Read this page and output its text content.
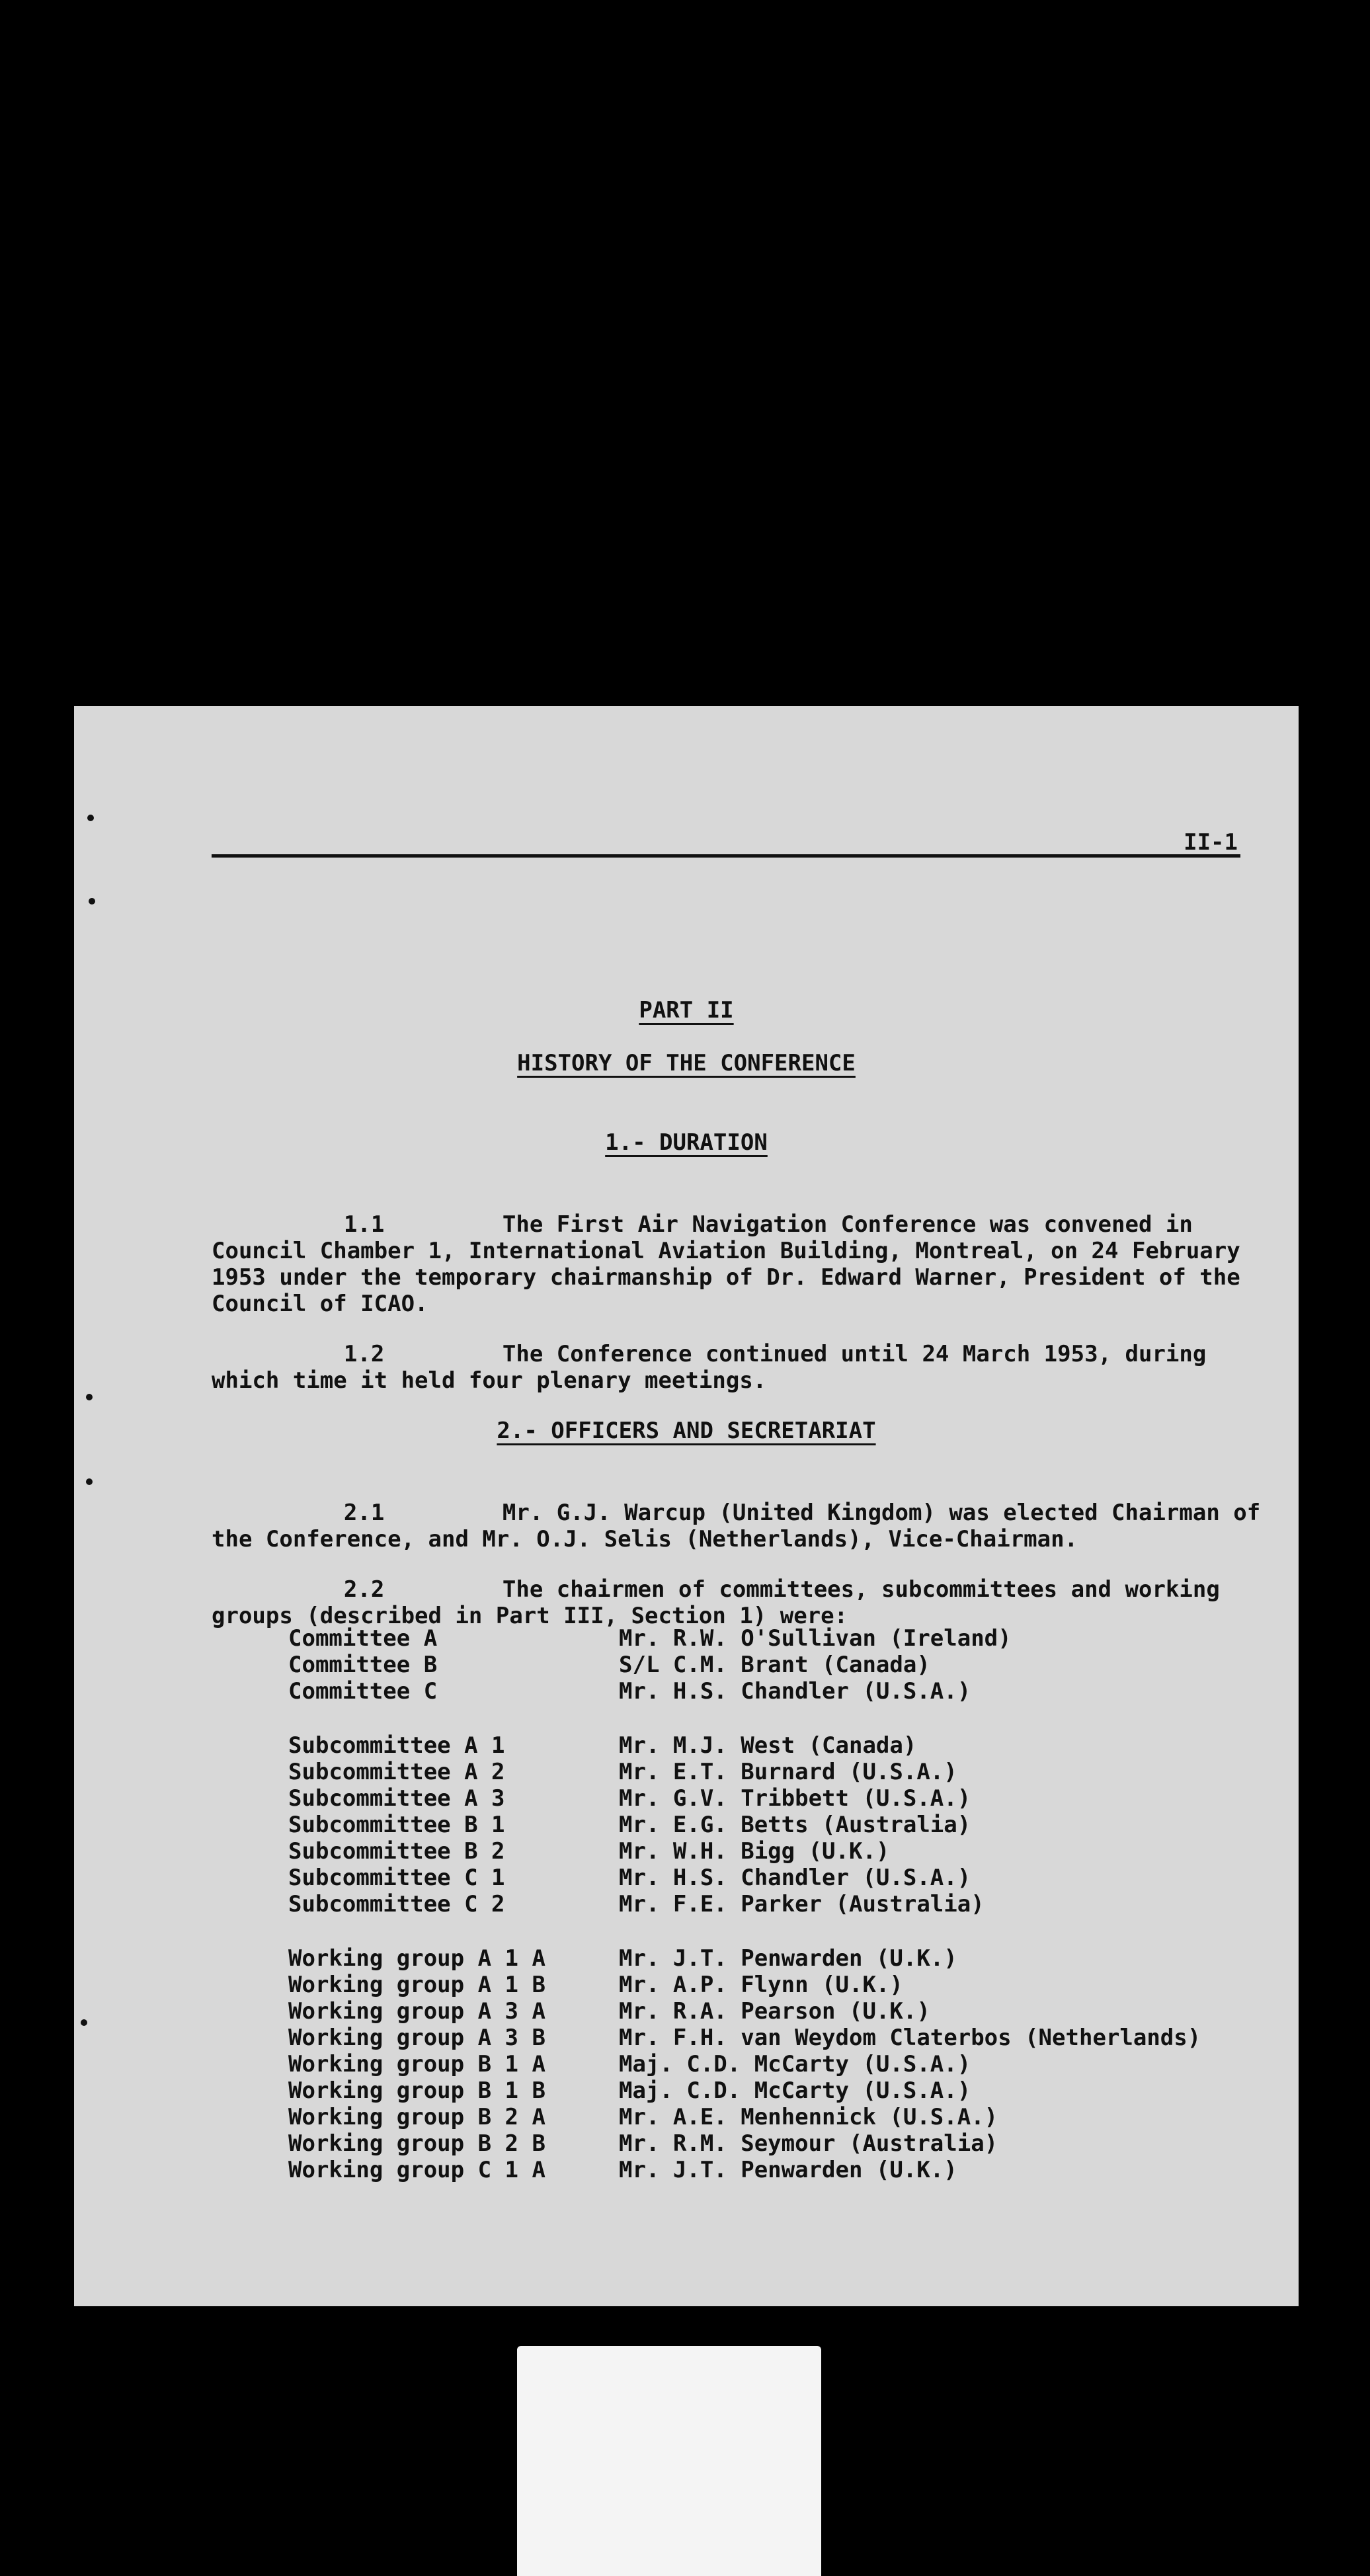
II-1
PART II
HISTORY OF THE CONFERENCE
1.- DURATION

1.1	The First Air Navigation Conference was convened in Council Chamber 1, International Aviation Building, Montreal, on 24 February 1953 under the temporary chairmanship of Dr. Edward Warner, President of the Council of ICAO.

1.2	The Conference continued until 24 March 1953, during which time it held four plenary meetings.

2.- OFFICERS AND SECRETARIAT

2.1	Mr. G.J. Warcup (United Kingdom) was elected Chairman of the Conference, and Mr. O.J. Selis (Netherlands), Vice-Chairman.

2.2	The chairmen of committees, subcommittees and working groups (described in Part III, Section 1) were:

Committee A	Mr. R.W. O'Sullivan (Ireland)
Committee B	S/L C.M. Brant (Canada)
Committee C	Mr. H.S. Chandler (U.S.A.)
Subcommittee A 1	Mr. M.J. West (Canada)
Subcommittee A 2	Mr. E.T. Burnard (U.S.A.)
Subcommittee A 3	Mr. G.V. Tribbett (U.S.A.)
Subcommittee B 1	Mr. E.G. Betts (Australia)
Subcommittee B 2	Mr. W.H. Bigg (U.K.)
Subcommittee C 1	Mr. H.S. Chandler (U.S.A.)
Subcommittee C 2	Mr. F.E. Parker (Australia)
Working group A 1 A	Mr. J.T. Penwarden (U.K.)
Working group A 1 B	Mr. A.P. Flynn (U.K.)
Working group A 3 A	Mr. R.A. Pearson (U.K.)
Working group A 3 B	Mr. F.H. van Weydom Claterbos (Netherlands)
Working group B 1 A	Maj. C.D. McCarty (U.S.A.)
Working group B 1 B	Maj. C.D. McCarty (U.S.A.)
Working group B 2 A	Mr. A.E. Menhennick (U.S.A.)
Working group B 2 B	Mr. R.M. Seymour (Australia)
Working group C 1 A	Mr. J.T. Penwarden (U.K.)
